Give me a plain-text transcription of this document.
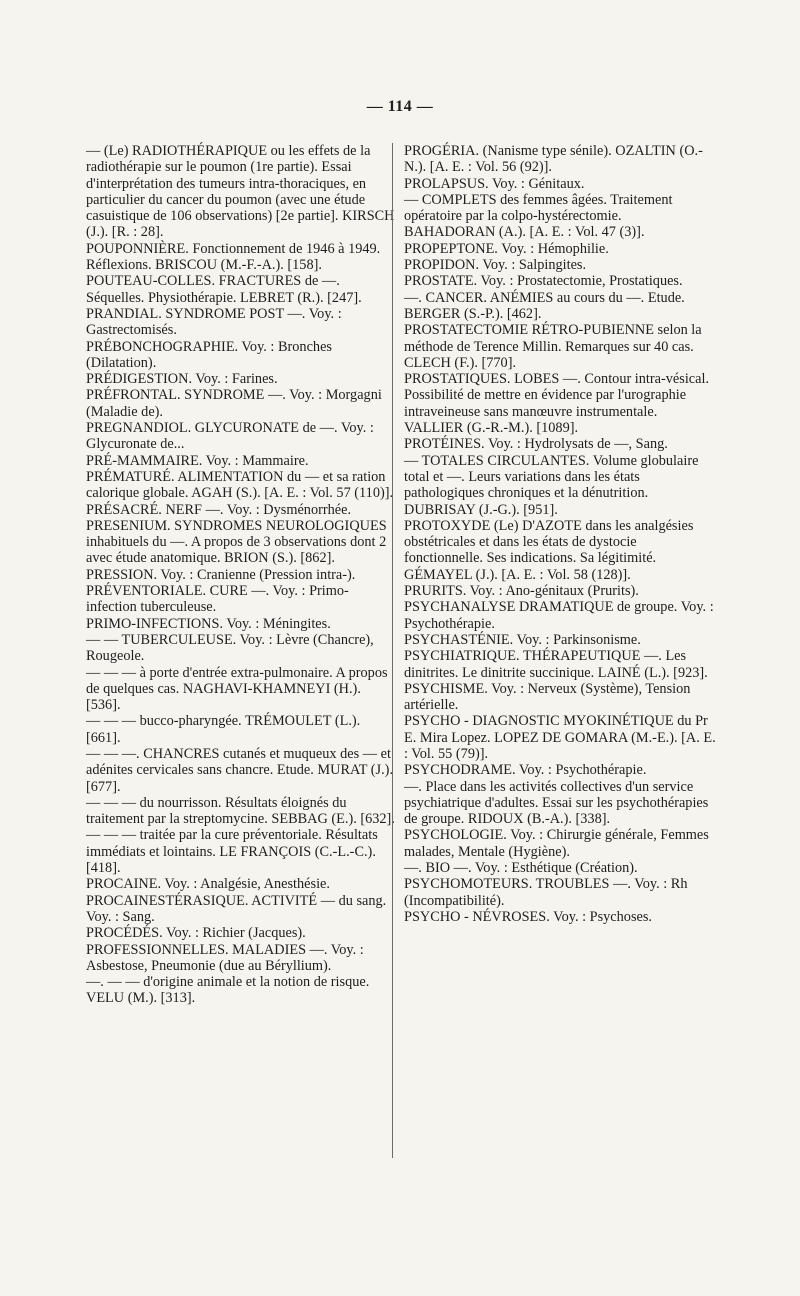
— 114 —

— (Le) RADIOTHÉRAPIQUE ou les effets de la radiothérapie sur le poumon (1re partie). Essai d'interprétation des tumeurs intra-thoraciques, en particulier du cancer du poumon (avec une étude casuistique de 106 observations) [2e partie]. KIRSCH (J.). [R. : 28].

POUPONNIÈRE. Fonctionnement de 1946 à 1949. Réflexions. BRISCOU (M.-F.-A.). [158].

POUTEAU-COLLES. FRACTURES de —. Séquelles. Physiothérapie. LEBRET (R.). [247].

PRANDIAL. SYNDROME POST —. Voy. : Gastrectomisés.

PRÉBONCHOGRAPHIE. Voy. : Bronches (Dilatation).

PRÉDIGESTION. Voy. : Farines.

PRÉFRONTAL. SYNDROME —. Voy. : Morgagni (Maladie de).

PREGNANDIOL. GLYCURONATE de —. Voy. : Glycuronate de...

PRÉ-MAMMAIRE. Voy. : Mammaire.

PRÉMATURÉ. ALIMENTATION du — et sa ration calorique globale. AGAH (S.). [A. E. : Vol. 57 (110)].

PRÉSACRÉ. NERF —. Voy. : Dysménorrhée.

PRESENIUM. SYNDROMES NEUROLOGIQUES inhabituels du —. A propos de 3 observations dont 2 avec étude anatomique. BRION (S.). [862].

PRESSION. Voy. : Cranienne (Pression intra-).

PRÉVENTORIALE. CURE —. Voy. : Primo-infection tuberculeuse.

PRIMO-INFECTIONS. Voy. : Méningites.

— — TUBERCULEUSE. Voy. : Lèvre (Chancre), Rougeole.

— — — à porte d'entrée extra-pulmonaire. A propos de quelques cas. NAGHAVI-KHAMNEYI (H.). [536].

— — — bucco-pharyngée. TRÉMOULET (L.). [661].

— — —. CHANCRES cutanés et muqueux des — et adénites cervicales sans chancre. Etude. MURAT (J.). [677].

— — — du nourrisson. Résultats éloignés du traitement par la streptomycine. SEBBAG (E.). [632].

— — — traitée par la cure préventoriale. Résultats immédiats et lointains. LE FRANÇOIS (C.-L.-C.). [418].

PROCAINE. Voy. : Analgésie, Anesthésie.

PROCAINESTÉRASIQUE. ACTIVITÉ — du sang. Voy. : Sang.

PROCÉDÉS. Voy. : Richier (Jacques).

PROFESSIONNELLES. MALADIES —. Voy. : Asbestose, Pneumonie (due au Béryllium).

—. — — d'origine animale et la notion de risque. VELU (M.). [313].

PROGÉRIA. (Nanisme type sénile). OZALTIN (O.-N.). [A. E. : Vol. 56 (92)].

PROLAPSUS. Voy. : Génitaux.

— COMPLETS des femmes âgées. Traitement opératoire par la colpo-hystérectomie. BAHADORAN (A.). [A. E. : Vol. 47 (3)].

PROPEPTONE. Voy. : Hémophilie.

PROPIDON. Voy. : Salpingites.

PROSTATE. Voy. : Prostatectomie, Prostatiques.

—. CANCER. ANÉMIES au cours du —. Etude. BERGER (S.-P.). [462].

PROSTATECTOMIE RÉTRO-PUBIENNE selon la méthode de Terence Millin. Remarques sur 40 cas. CLECH (F.). [770].

PROSTATIQUES. LOBES —. Contour intra-vésical. Possibilité de mettre en évidence par l'urographie intraveineuse sans manœuvre instrumentale. VALLIER (G.-R.-M.). [1089].

PROTÉINES. Voy. : Hydrolysats de —, Sang.

— TOTALES CIRCULANTES. Volume globulaire total et —. Leurs variations dans les états pathologiques chroniques et la dénutrition. DUBRISAY (J.-G.). [951].

PROTOXYDE (Le) D'AZOTE dans les analgésies obstétricales et dans les états de dystocie fonctionnelle. Ses indications. Sa légitimité. GÉMAYEL (J.). [A. E. : Vol. 58 (128)].

PRURITS. Voy. : Ano-génitaux (Prurits).

PSYCHANALYSE DRAMATIQUE de groupe. Voy. : Psychothérapie.

PSYCHASTÉNIE. Voy. : Parkinsonisme.

PSYCHIATRIQUE. THÉRAPEUTIQUE —. Les dinitrites. Le dinitrite succinique. LAINÉ (L.). [923].

PSYCHISME. Voy. : Nerveux (Système), Tension artérielle.

PSYCHO - DIAGNOSTIC MYOKINÉTIQUE du Pr E. Mira Lopez. LOPEZ DE GOMARA (M.-E.). [A. E. : Vol. 55 (79)].

PSYCHODRAME. Voy. : Psychothérapie.

—. Place dans les activités collectives d'un service psychiatrique d'adultes. Essai sur les psychothérapies de groupe. RIDOUX (B.-A.). [338].

PSYCHOLOGIE. Voy. : Chirurgie générale, Femmes malades, Mentale (Hygiène).

—. BIO —. Voy. : Esthétique (Création).

PSYCHOMOTEURS. TROUBLES —. Voy. : Rh (Incompatibilité).

PSYCHO - NÉVROSES. Voy. : Psychoses.
